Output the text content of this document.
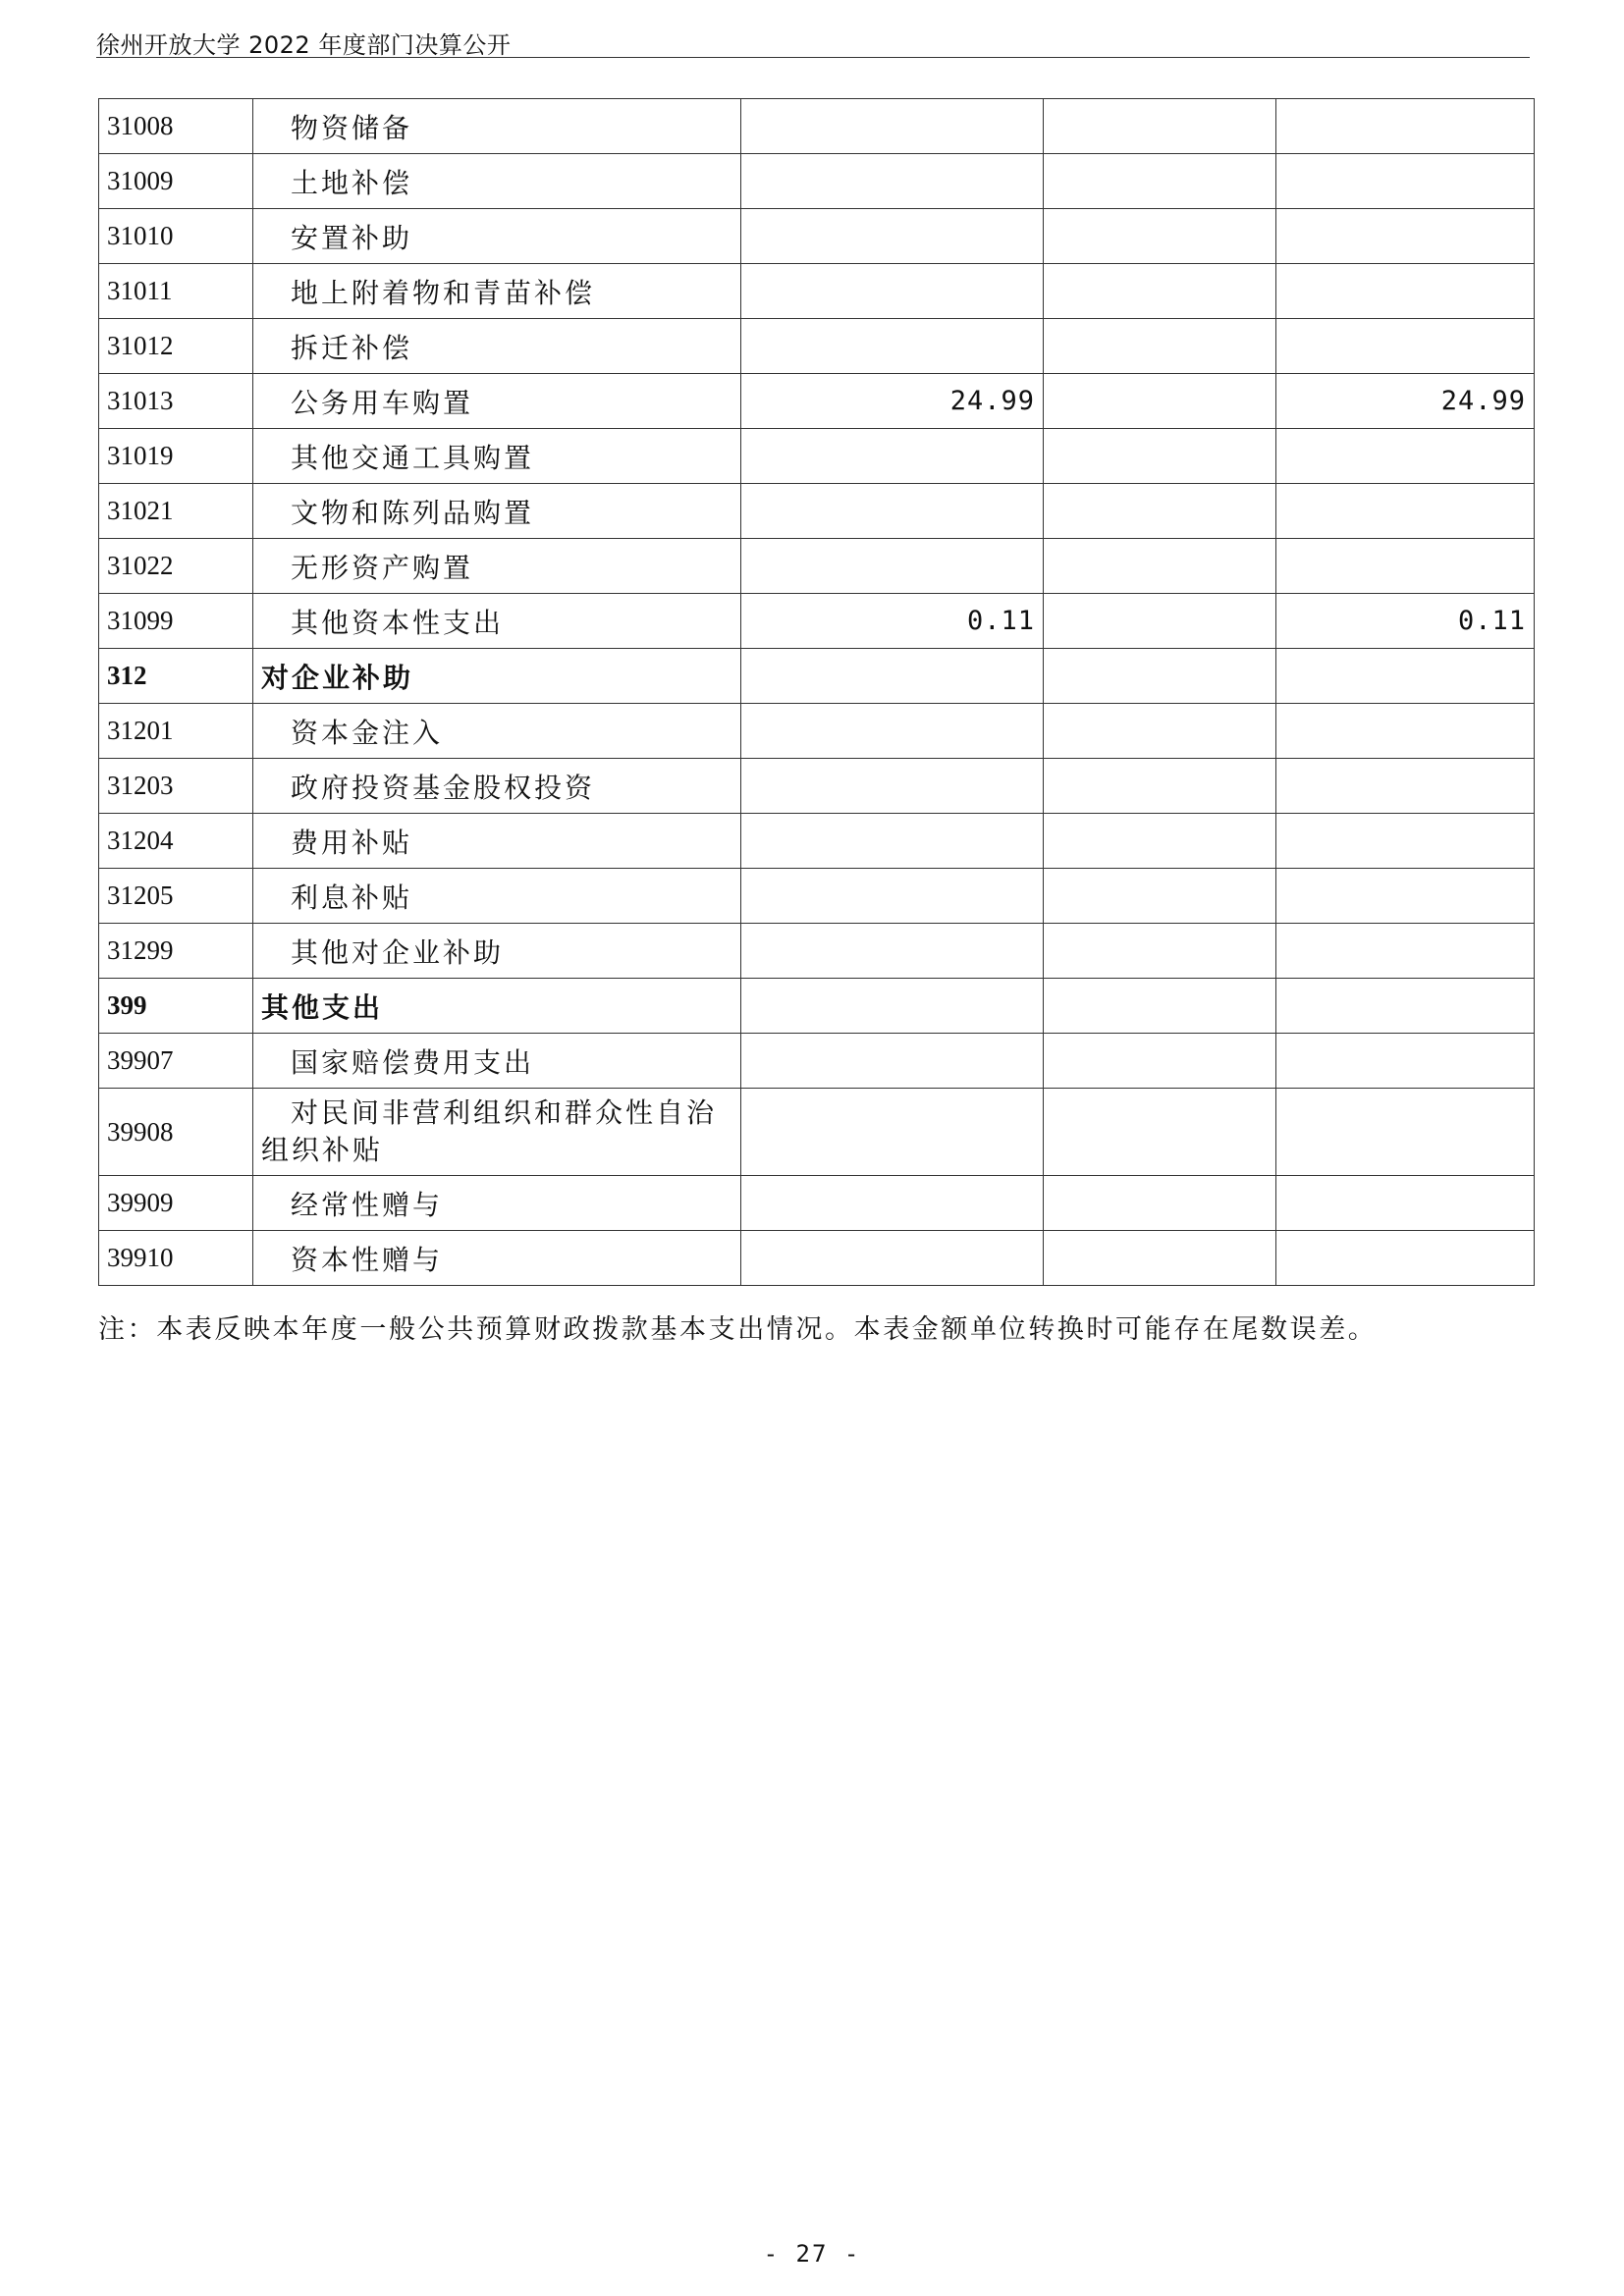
徐州开放大学 2022 年度部门决算公开
31008	物资储备			
31009	土地补偿			
31010	安置补助			
31011	地上附着物和青苗补偿			
31012	拆迁补偿			
31013	公务用车购置	24.99		24.99
31019	其他交通工具购置			
31021	文物和陈列品购置			
31022	无形资产购置			
31099	其他资本性支出	0.11		0.11
312	对企业补助			
31201	资本金注入			
31203	政府投资基金股权投资			
31204	费用补贴			
31205	利息补贴			
31299	其他对企业补助			
399	其他支出			
39907	国家赔偿费用支出			
39908	对民间非营利组织和群众性自治组织补贴			
39909	经常性赠与			
39910	资本性赠与			
注：本表反映本年度一般公共预算财政拨款基本支出情况。本表金额单位转换时可能存在尾数误差。
- 27 -
